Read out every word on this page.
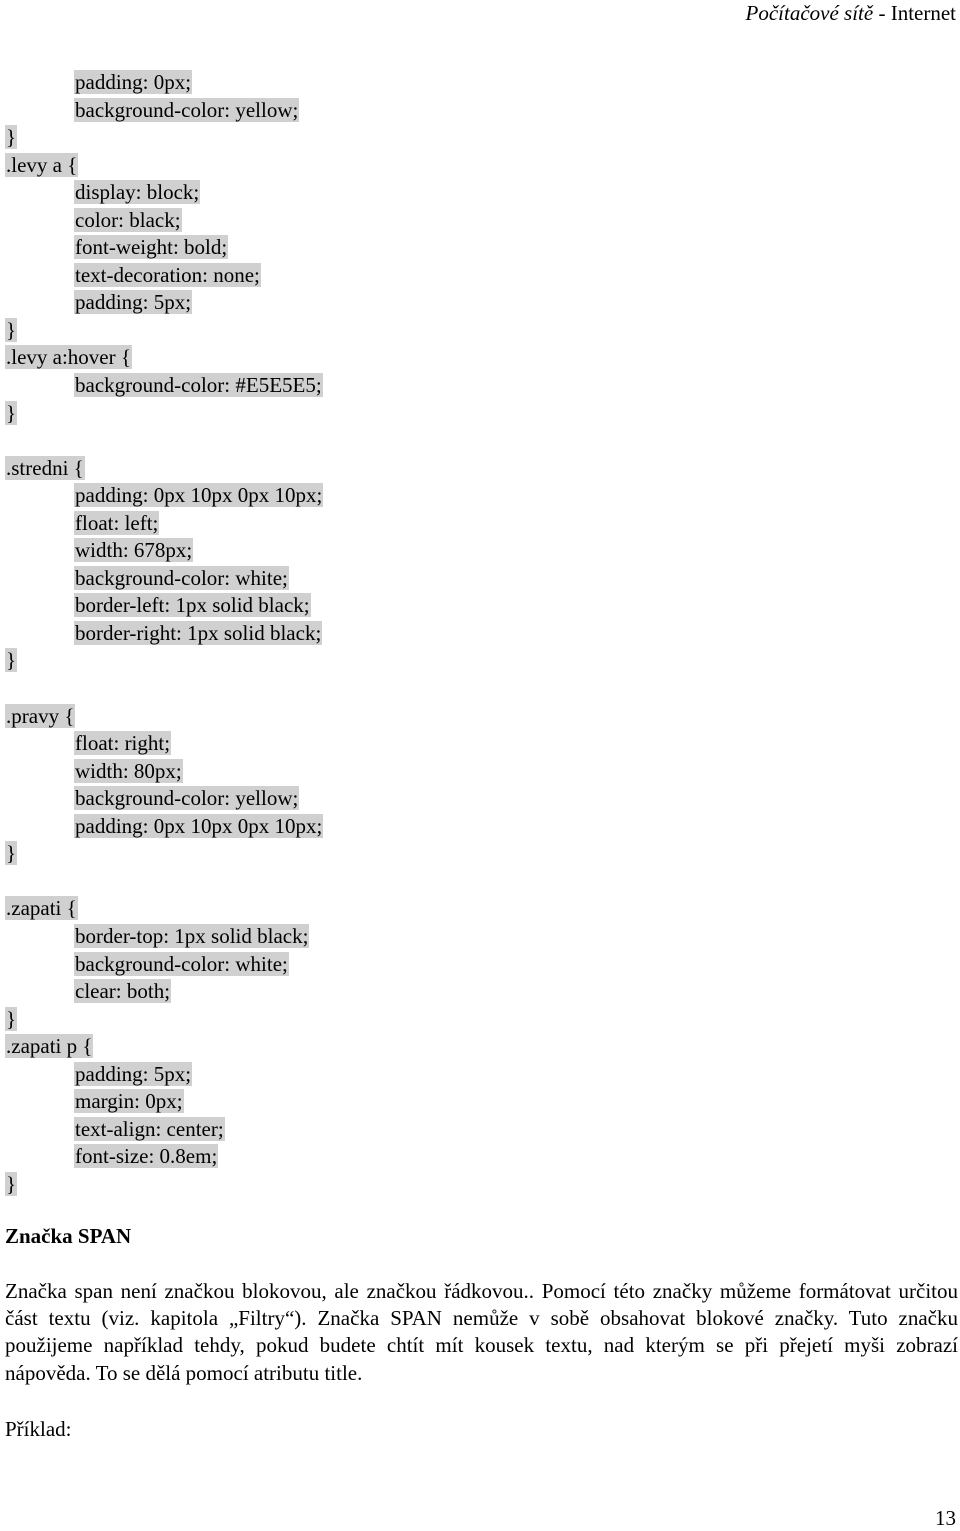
Počítačové sítě - Internet
padding: 0px;
background-color: yellow;
}
.levy a {
display: block;
color: black;
font-weight: bold;
text-decoration: none;
padding: 5px;
}
.levy a:hover {
background-color: #E5E5E5;
}
.stredni {
padding: 0px 10px 0px 10px;
float: left;
width: 678px;
background-color: white;
border-left: 1px solid black;
border-right: 1px solid black;
}
.pravy {
float: right;
width: 80px;
background-color: yellow;
padding: 0px 10px 0px 10px;
}
.zapati {
border-top: 1px solid black;
background-color: white;
clear: both;
}
.zapati p {
padding: 5px;
margin: 0px;
text-align: center;
font-size: 0.8em;
}
Značka SPAN

Značka span není značkou blokovou, ale značkou řádkovou.. Pomocí této značky můžeme formátovat určitou část textu (viz. kapitola „Filtry“). Značka SPAN nemůže v sobě obsahovat blokové značky. Tuto značku použijeme například tehdy, pokud budete chtít mít kousek textu, nad kterým se při přejetí myši zobrazí nápověda. To se dělá pomocí atributu title.

Příklad:
13
